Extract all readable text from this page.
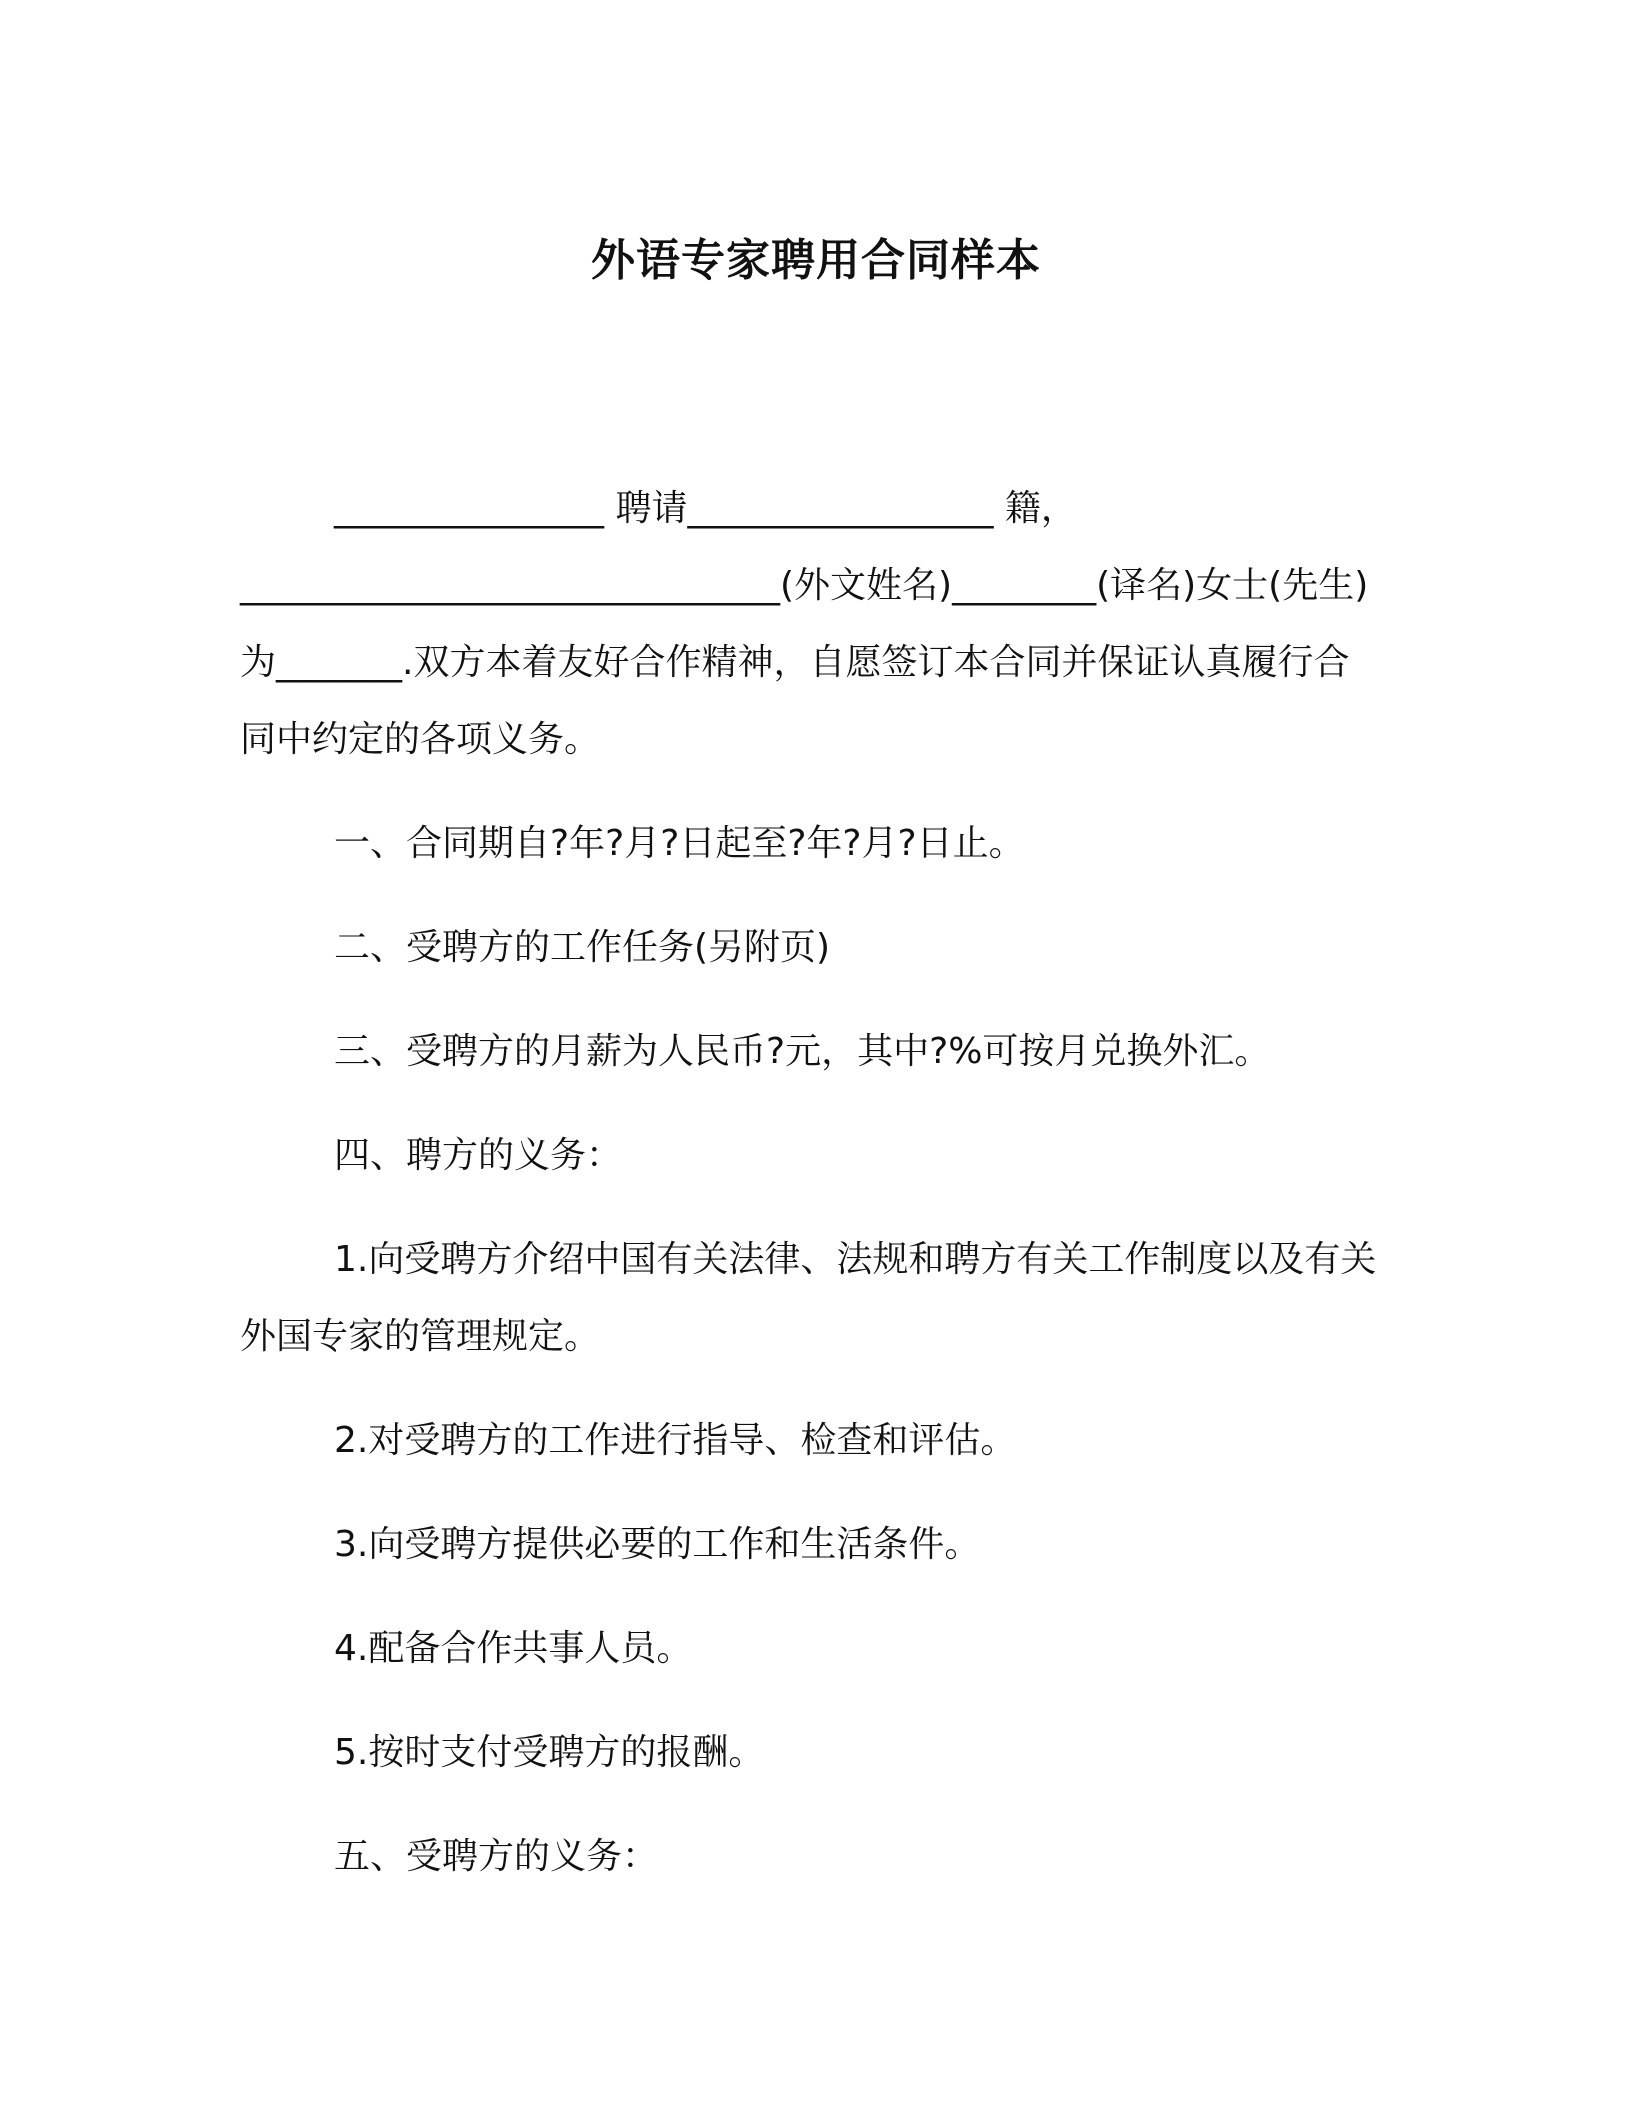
外语专家聘用合同样本

_______________ 聘请_________________ 籍，______________________________(外文姓名)________(译名)女士(先生)为_______.双方本着友好合作精神，自愿签订本合同并保证认真履行合同中约定的各项义务。

一、合同期自?年?月?日起至?年?月?日止。

二、受聘方的工作任务(另附页)

三、受聘方的月薪为人民币?元，其中?%可按月兑换外汇。

四、聘方的义务：

1.向受聘方介绍中国有关法律、法规和聘方有关工作制度以及有关外国专家的管理规定。

2.对受聘方的工作进行指导、检查和评估。

3.向受聘方提供必要的工作和生活条件。

4.配备合作共事人员。

5.按时支付受聘方的报酬。

五、受聘方的义务：
